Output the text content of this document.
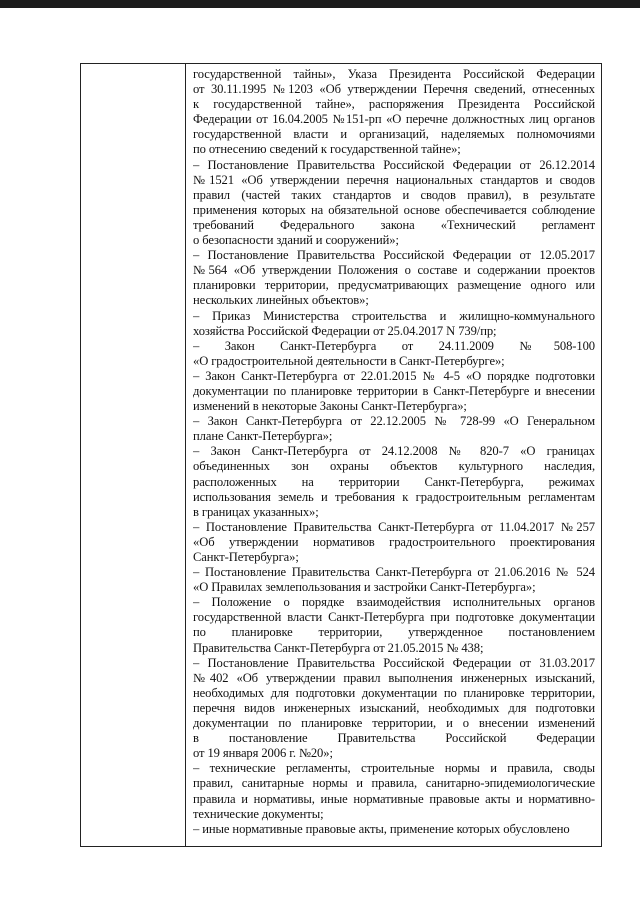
государственной тайны», Указа Президента Российской Федерации
от 30.11.1995 №1203 «Об утверждении Перечня сведений, отнесенных
к государственной тайне», распоряжения Президента Российской
Федерации от 16.04.2005 №151-рп «О перечне должностных лиц органов
государственной власти и организаций, наделяемых полномочиями
по отнесению сведений к государственной тайне»;
– Постановление Правительства Российской Федерации от 26.12.2014
№1521 «Об утверждении перечня национальных стандартов и сводов
правил (частей таких стандартов и сводов правил), в результате
применения которых на обязательной основе обеспечивается соблюдение
требований Федерального закона «Технический регламент
о безопасности зданий и сооружений»;
– Постановление Правительства Российской Федерации от 12.05.2017
№564 «Об утверждении Положения о составе и содержании проектов
планировки территории, предусматривающих размещение одного или
нескольких линейных объектов»;
– Приказ Министерства строительства и жилищно-коммунального
хозяйства Российской Федерации от 25.04.2017 N 739/пр;
– Закон Санкт-Петербурга от 24.11.2009 №508-100
«О градостроительной деятельности в Санкт-Петербурге»;
– Закон Санкт-Петербурга от 22.01.2015 № 4-5 «О порядке подготовки
документации по планировке территории в Санкт-Петербурге и внесении
изменений в некоторые Законы Санкт-Петербурга»;
– Закон Санкт-Петербурга от 22.12.2005 № 728-99 «О Генеральном
плане Санкт-Петербурга»;
– Закон Санкт-Петербурга от 24.12.2008 № 820-7 «О границах
объединенных зон охраны объектов культурного наследия,
расположенных на территории Санкт-Петербурга, режимах
использования земель и требования к градостроительным регламентам
в границах указанных»;
– Постановление Правительства Санкт-Петербурга от 11.04.2017 №257
«Об утверждении нормативов градостроительного проектирования
Санкт-Петербурга»;
– Постановление Правительства Санкт-Петербурга от 21.06.2016 № 524
«О Правилах землепользования и застройки Санкт-Петербурга»;
– Положение о порядке взаимодействия исполнительных органов
государственной власти Санкт-Петербурга при подготовке документации
по планировке территории, утвержденное постановлением
Правительства Санкт-Петербурга от 21.05.2015 № 438;
– Постановление Правительства Российской Федерации от 31.03.2017
№402 «Об утверждении правил выполнения инженерных изысканий,
необходимых для подготовки документации по планировке территории,
перечня видов инженерных изысканий, необходимых для подготовки
документации по планировке территории, и о внесении изменений
в постановление Правительства Российской Федерации
от 19 января 2006 г. №20»;
– технические регламенты, строительные нормы и правила, своды
правил, санитарные нормы и правила, санитарно-эпидемиологические
правила и нормативы, иные нормативные правовые акты и нормативно-
технические документы;
– иные нормативные правовые акты, применение которых обусловлено
